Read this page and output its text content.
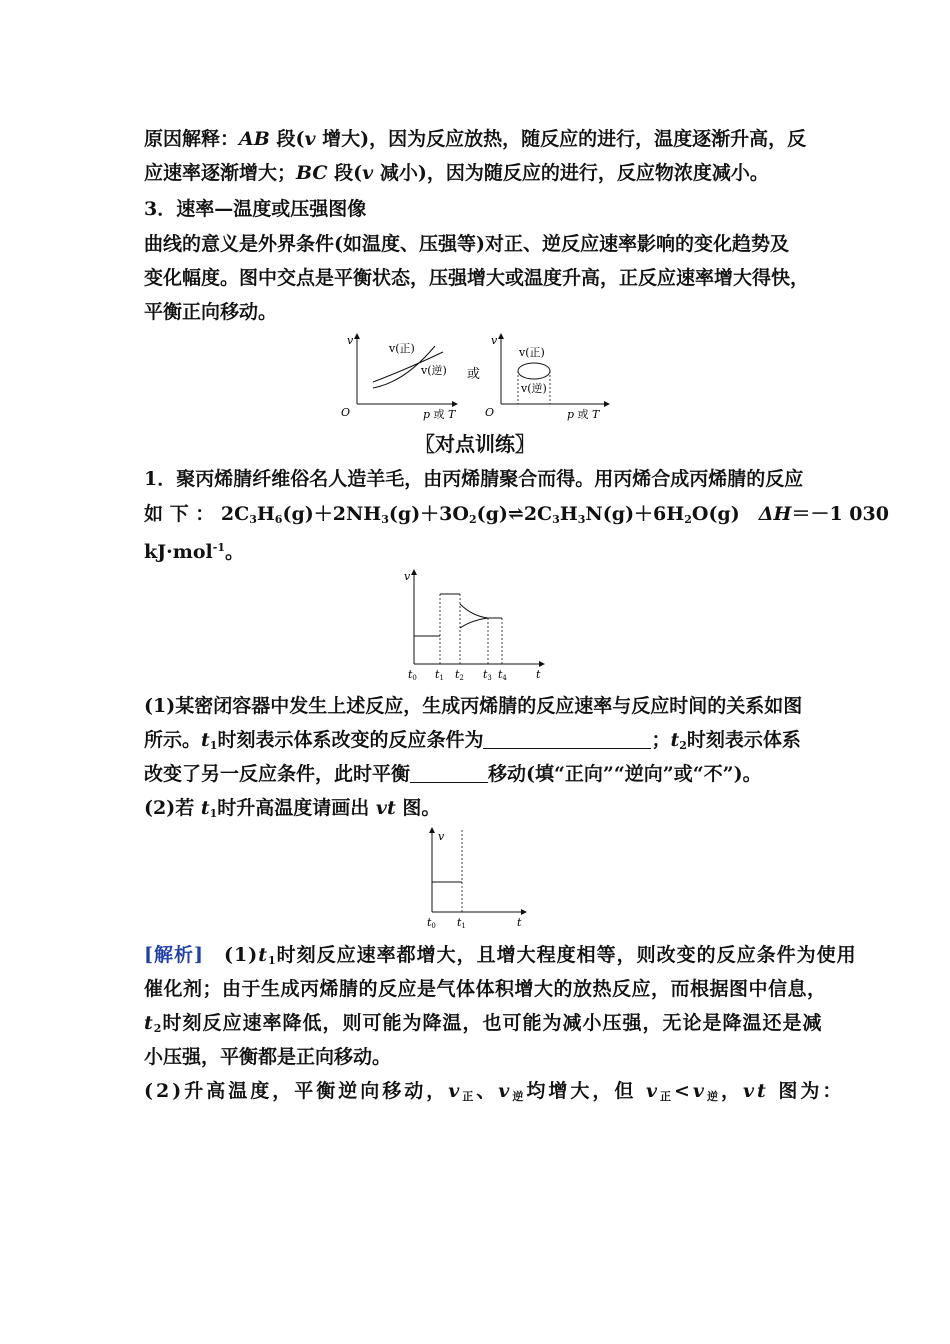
原因解释：AB 段(v 增大)，因为反应放热，随反应的进行，温度逐渐升高，反
应速率逐渐增大；BC 段(v 减小)，因为随反应的进行，反应物浓度减小。
3．速率—温度或压强图像
曲线的意义是外界条件(如温度、压强等)对正、逆反应速率影响的变化趋势及
变化幅度。图中交点是平衡状态，压强增大或温度升高，正反应速率增大得快，
平衡正向移动。
v
O
v(正)
v(逆)
p 或 T
或
v
O
v(正)
v(逆)
p 或 T
〖对点训练〗
1．聚丙烯腈纤维俗名人造羊毛，由丙烯腈聚合而得。用丙烯合成丙烯腈的反应
如 下 ： $2C_3H_6(g)+2NH_3(g)+3O_2(g)\rightleftharpoons 2C_3H_3N(g)+6H_2O(g)$　 ΔH＝－1 030
kJ·mol$^{-1}$。
v
t
t0 t1 t2 t3 t4
(1)某密闭容器中发生上述反应，生成丙烯腈的反应速率与反应时间的关系如图
所示。$t_1$时刻表示体系改变的反应条件为	；$t_2$时刻表示体系
改变了另一反应条件，此时平衡	移动(填“正向”“逆向”或“不”)。
(2)若 $t_1$时升高温度请画出 vt 图。
v
t
t0 t1
[解析]　$(1)t_1$时刻反应速率都增大，且增大程度相等，则改变的反应条件为使用
催化剂；由于生成丙烯腈的反应是气体体积增大的放热反应，而根据图中信息，
$t_2$时刻反应速率降低，则可能为降温，也可能为减小压强，无论是降温还是减
小压强，平衡都是正向移动。
(2)升高温度，平衡逆向移动，$v_正$、$v_逆$均增大，但 $v_正<v_逆$，vt 图为：
